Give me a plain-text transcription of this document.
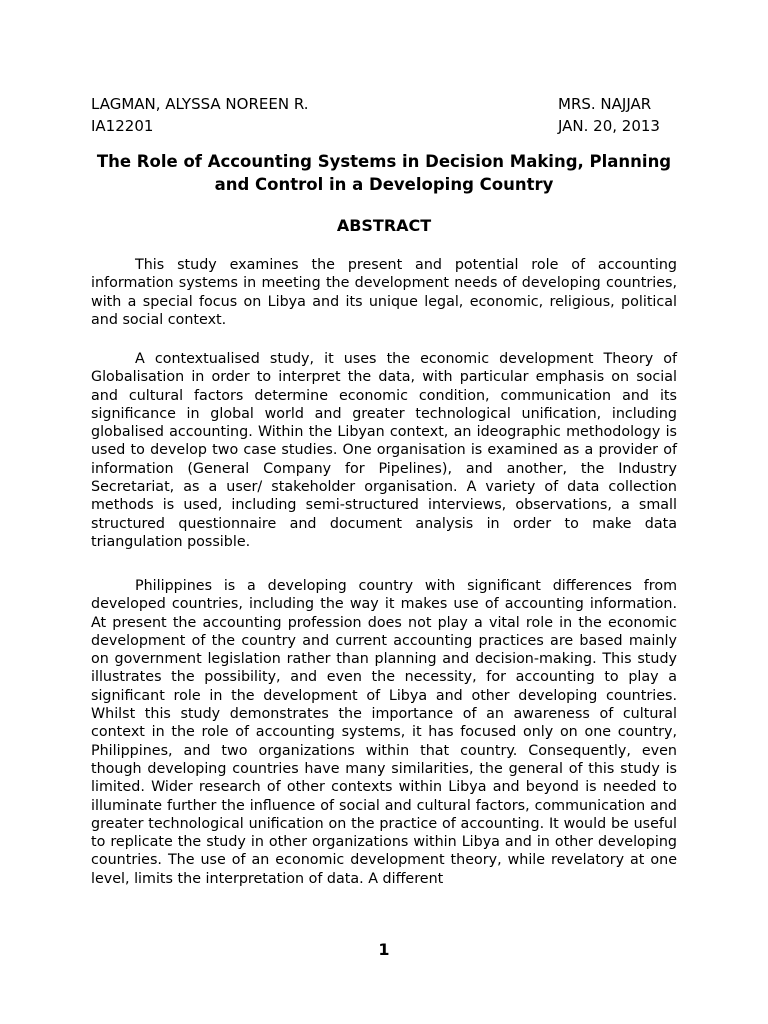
LAGMAN, ALYSSA NOREEN R.	MRS. NAJJAR
IA12201	JAN. 20, 2013
The Role of Accounting Systems in Decision Making, Planning and Control in a Developing Country
ABSTRACT

This study examines the present and potential role of accounting information systems in meeting the development needs of developing countries, with a special focus on Libya and its unique legal, economic, religious, political and social context.

A contextualised study, it uses the economic development Theory of Globalisation in order to interpret the data, with particular emphasis on social and cultural factors determine economic condition, communication and its significance in global world and greater technological unification, including globalised accounting. Within the Libyan context, an ideographic methodology is used to develop two case studies. One organisation is examined as a provider of information (General Company for Pipelines), and another, the Industry Secretariat, as a user/ stakeholder organisation. A variety of data collection methods is used, including semi-structured interviews, observations, a small structured questionnaire and document analysis in order to make data triangulation possible.

Philippines is a developing country with significant differences from developed countries, including the way it makes use of accounting information. At present the accounting profession does not play a vital role in the economic development of the country and current accounting practices are based mainly on government legislation rather than planning and decision-making. This study illustrates the possibility, and even the necessity, for accounting to play a significant role in the development of Libya and other developing countries. Whilst this study demonstrates the importance of an awareness of cultural context in the role of accounting systems, it has focused only on one country, Philippines, and two organizations within that country. Consequently, even though developing countries have many similarities, the general of this study is limited. Wider research of other contexts within Libya and beyond is needed to illuminate further the influence of social and cultural factors, communication and greater technological unification on the practice of accounting. It would be useful to replicate the study in other organizations within Libya and in other developing countries. The use of an economic development theory, while revelatory at one level, limits the interpretation of data. A different

1
